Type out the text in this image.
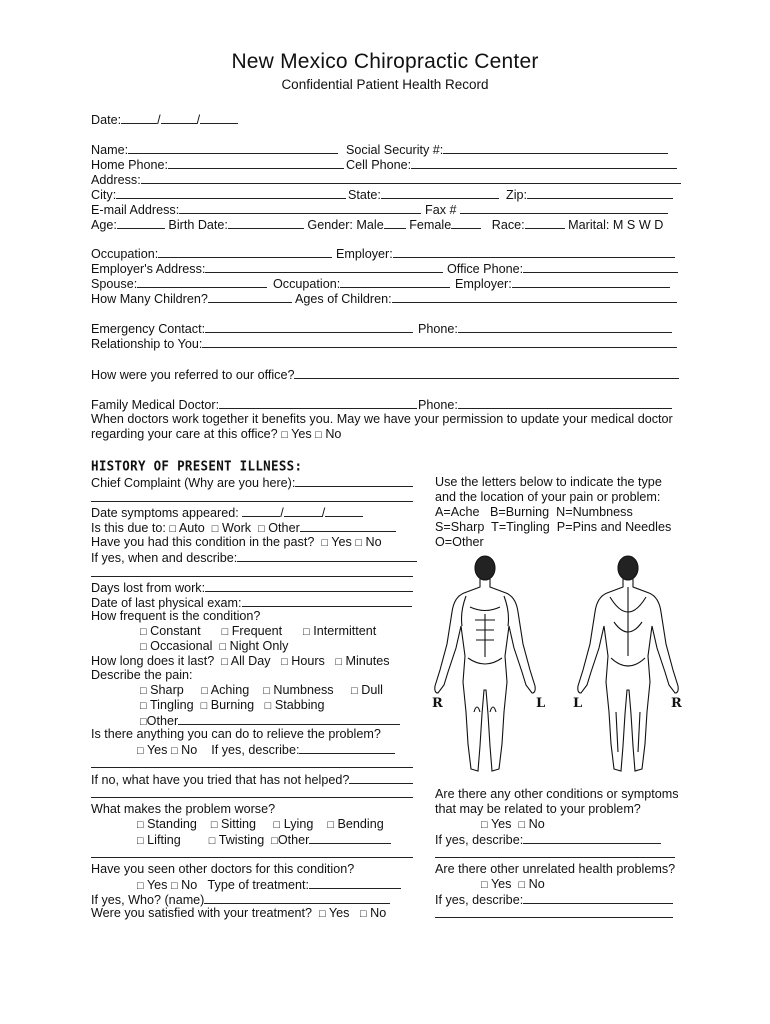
New Mexico Chiropractic Center
Confidential Patient Health Record
Date:	/	/
Name:	Social Security #:
Home Phone:	Cell Phone:
Address:
City:	State:	Zip:
E-mail Address:	Fax #
Age:	Birth Date:	Gender: Male Female	Race:	Marital: M S W D
Occupation:	Employer:
Employer's Address:	Office Phone:
Spouse:	Occupation:	Employer:
How Many Children?	Ages of Children:
Emergency Contact:	Phone:
Relationship to You:
How were you referred to our office?
Family Medical Doctor:	Phone:
When doctors work together it benefits you. May we have your permission to update your medical doctor
regarding your care at this office? □ Yes □ No
HISTORY OF PRESENT ILLNESS:
Chief Complaint (Why are you here):
Date symptoms appeared:	/	/
Is this due to: □ Auto □ Work □ Other
Have you had this condition in the past? □ Yes □ No
If yes, when and describe:
Days lost from work:
Date of last physical exam:
How frequent is the condition?
□ Constant □ Frequent □ Intermittent
□ Occasional □ Night Only
How long does it last? □ All Day □ Hours □ Minutes
Describe the pain:
□ Sharp □ Aching □ Numbness □ Dull
□ Tingling □ Burning □ Stabbing
□Other
Is there anything you can do to relieve the problem?
□ Yes □ No If yes, describe:
If no, what have you tried that has not helped?
What makes the problem worse?
□ Standing □ Sitting □ Lying □ Bending
□ Lifting	□ Twisting □Other
Have you seen other doctors for this condition?
□ Yes □ No Type of treatment:
If yes, Who? (name)
Were you satisfied with your treatment? □ Yes □ No
Use the letters below to indicate the type
and the location of your pain or problem:
A=Ache   B=Burning  N=Numbness
S=Sharp  T=Tingling  P=Pins and Needles
O=Other
R	L L	R
Are there any other conditions or symptoms
that may be related to your problem?
□ Yes □ No
If yes, describe:
Are there other unrelated health problems?
□ Yes □ No
If yes, describe:
